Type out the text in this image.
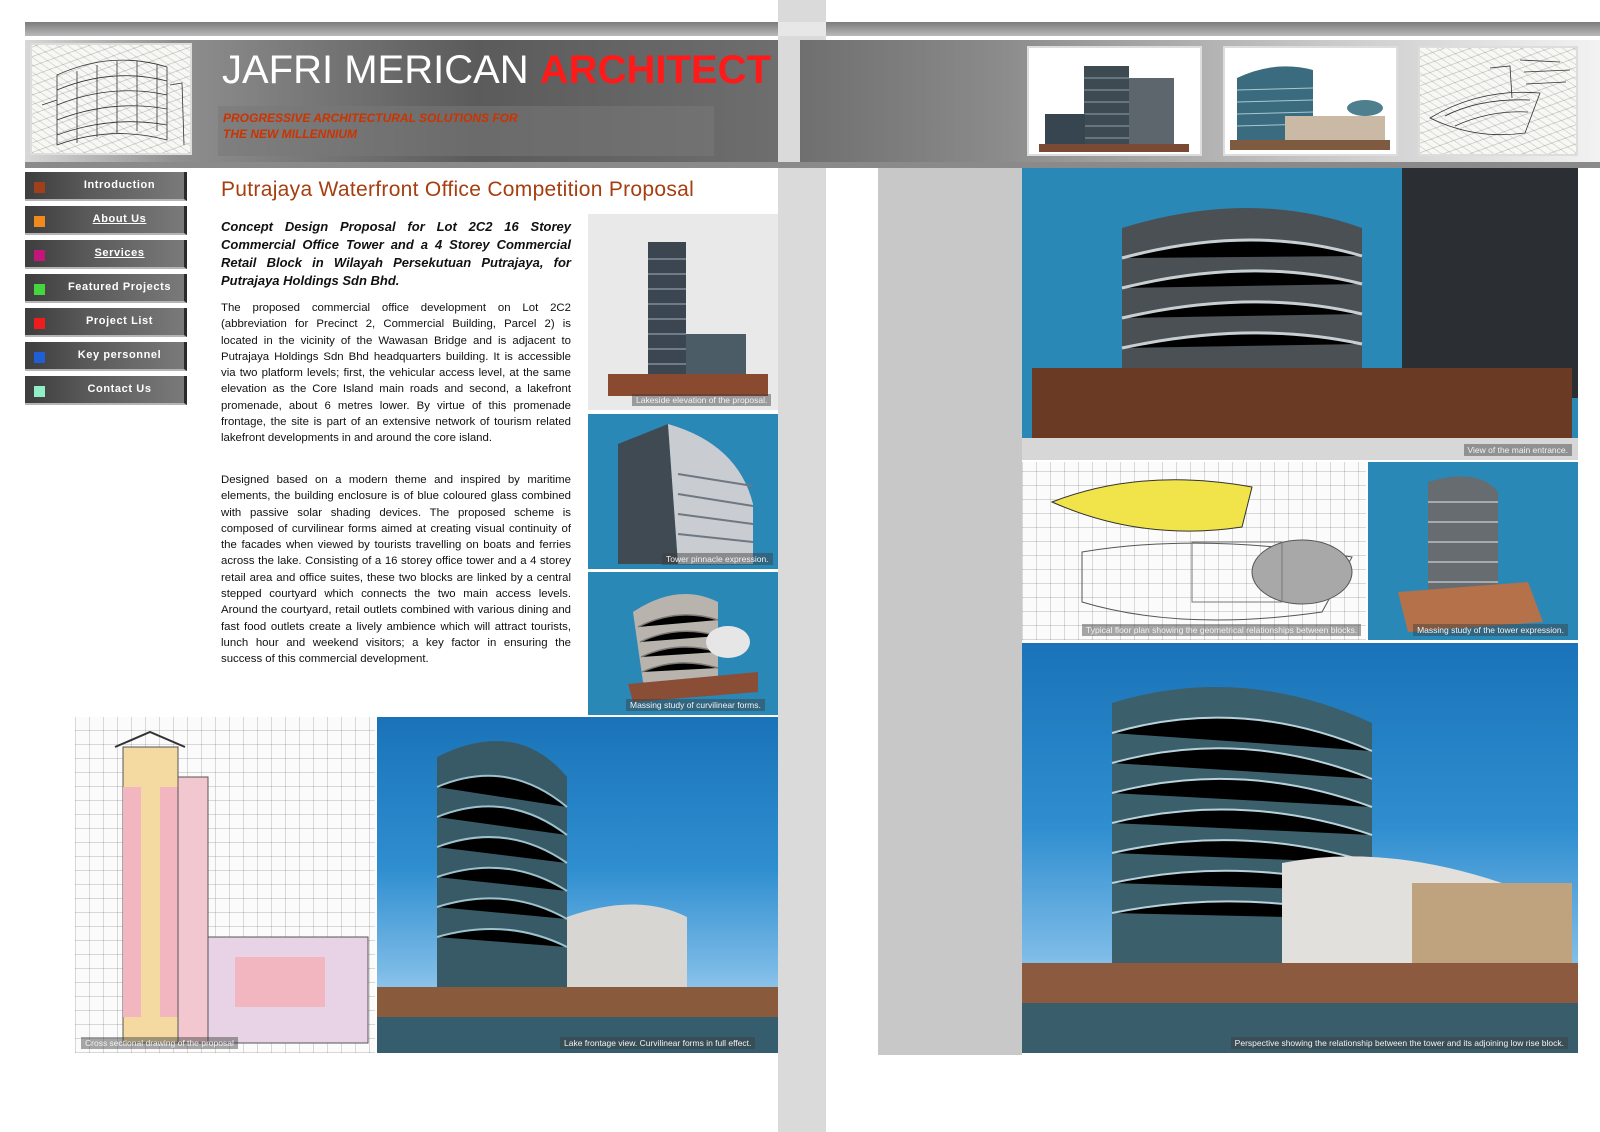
JAFRI MERICAN ARCHITECT
PROGRESSIVE ARCHITECTURAL SOLUTIONS FOR
THE NEW MILLENNIUM
Introduction
About Us
Services
Featured Projects
Project List
Key personnel
Contact Us
Putrajaya Waterfront Office Competition Proposal
Concept Design Proposal for Lot 2C2 16 Storey Commercial Office Tower and a 4 Storey Commercial Retail Block in Wilayah Persekutuan Putrajaya, for Putrajaya Holdings Sdn Bhd.
The proposed commercial office development on Lot 2C2 (abbreviation for Precinct 2, Commercial Building, Parcel 2) is located in the vicinity of the Wawasan Bridge and is adjacent to Putrajaya Holdings Sdn Bhd headquarters building. It is accessible via two platform levels; first, the vehicular access level, at the same elevation as the Core Island main roads and second, a lakefront promenade, about 6 metres lower. By virtue of this promenade frontage, the site is part of an extensive network of tourism related lakefront developments in and around the core island.
Designed based on a modern theme and inspired by maritime elements, the building enclosure is of blue coloured glass combined with passive solar shading devices. The proposed scheme is composed of curvilinear forms aimed at creating visual continuity of the facades when viewed by tourists travelling on boats and ferries across the lake. Consisting of a 16 storey office tower and a 4 storey retail area and office suites, these two blocks are linked by a central stepped courtyard which connects the two main access levels. Around the courtyard, retail outlets combined with various dining and fast food outlets create a lively ambience which will attract tourists, lunch hour and weekend visitors; a key factor in ensuring the success of this commercial development.
Lakeside elevation of the proposal.
Tower pinnacle expression.
Massing study of curvilinear forms.
Cross sectional drawing of the proposal	Lake frontage view. Curvilinear forms in full effect.
View of the main entrance.
Typical floor plan showing the geometrical relationships between blocks.	Massing study of the tower expression.
Perspective showing the relationship between the tower and its adjoining low rise block.
